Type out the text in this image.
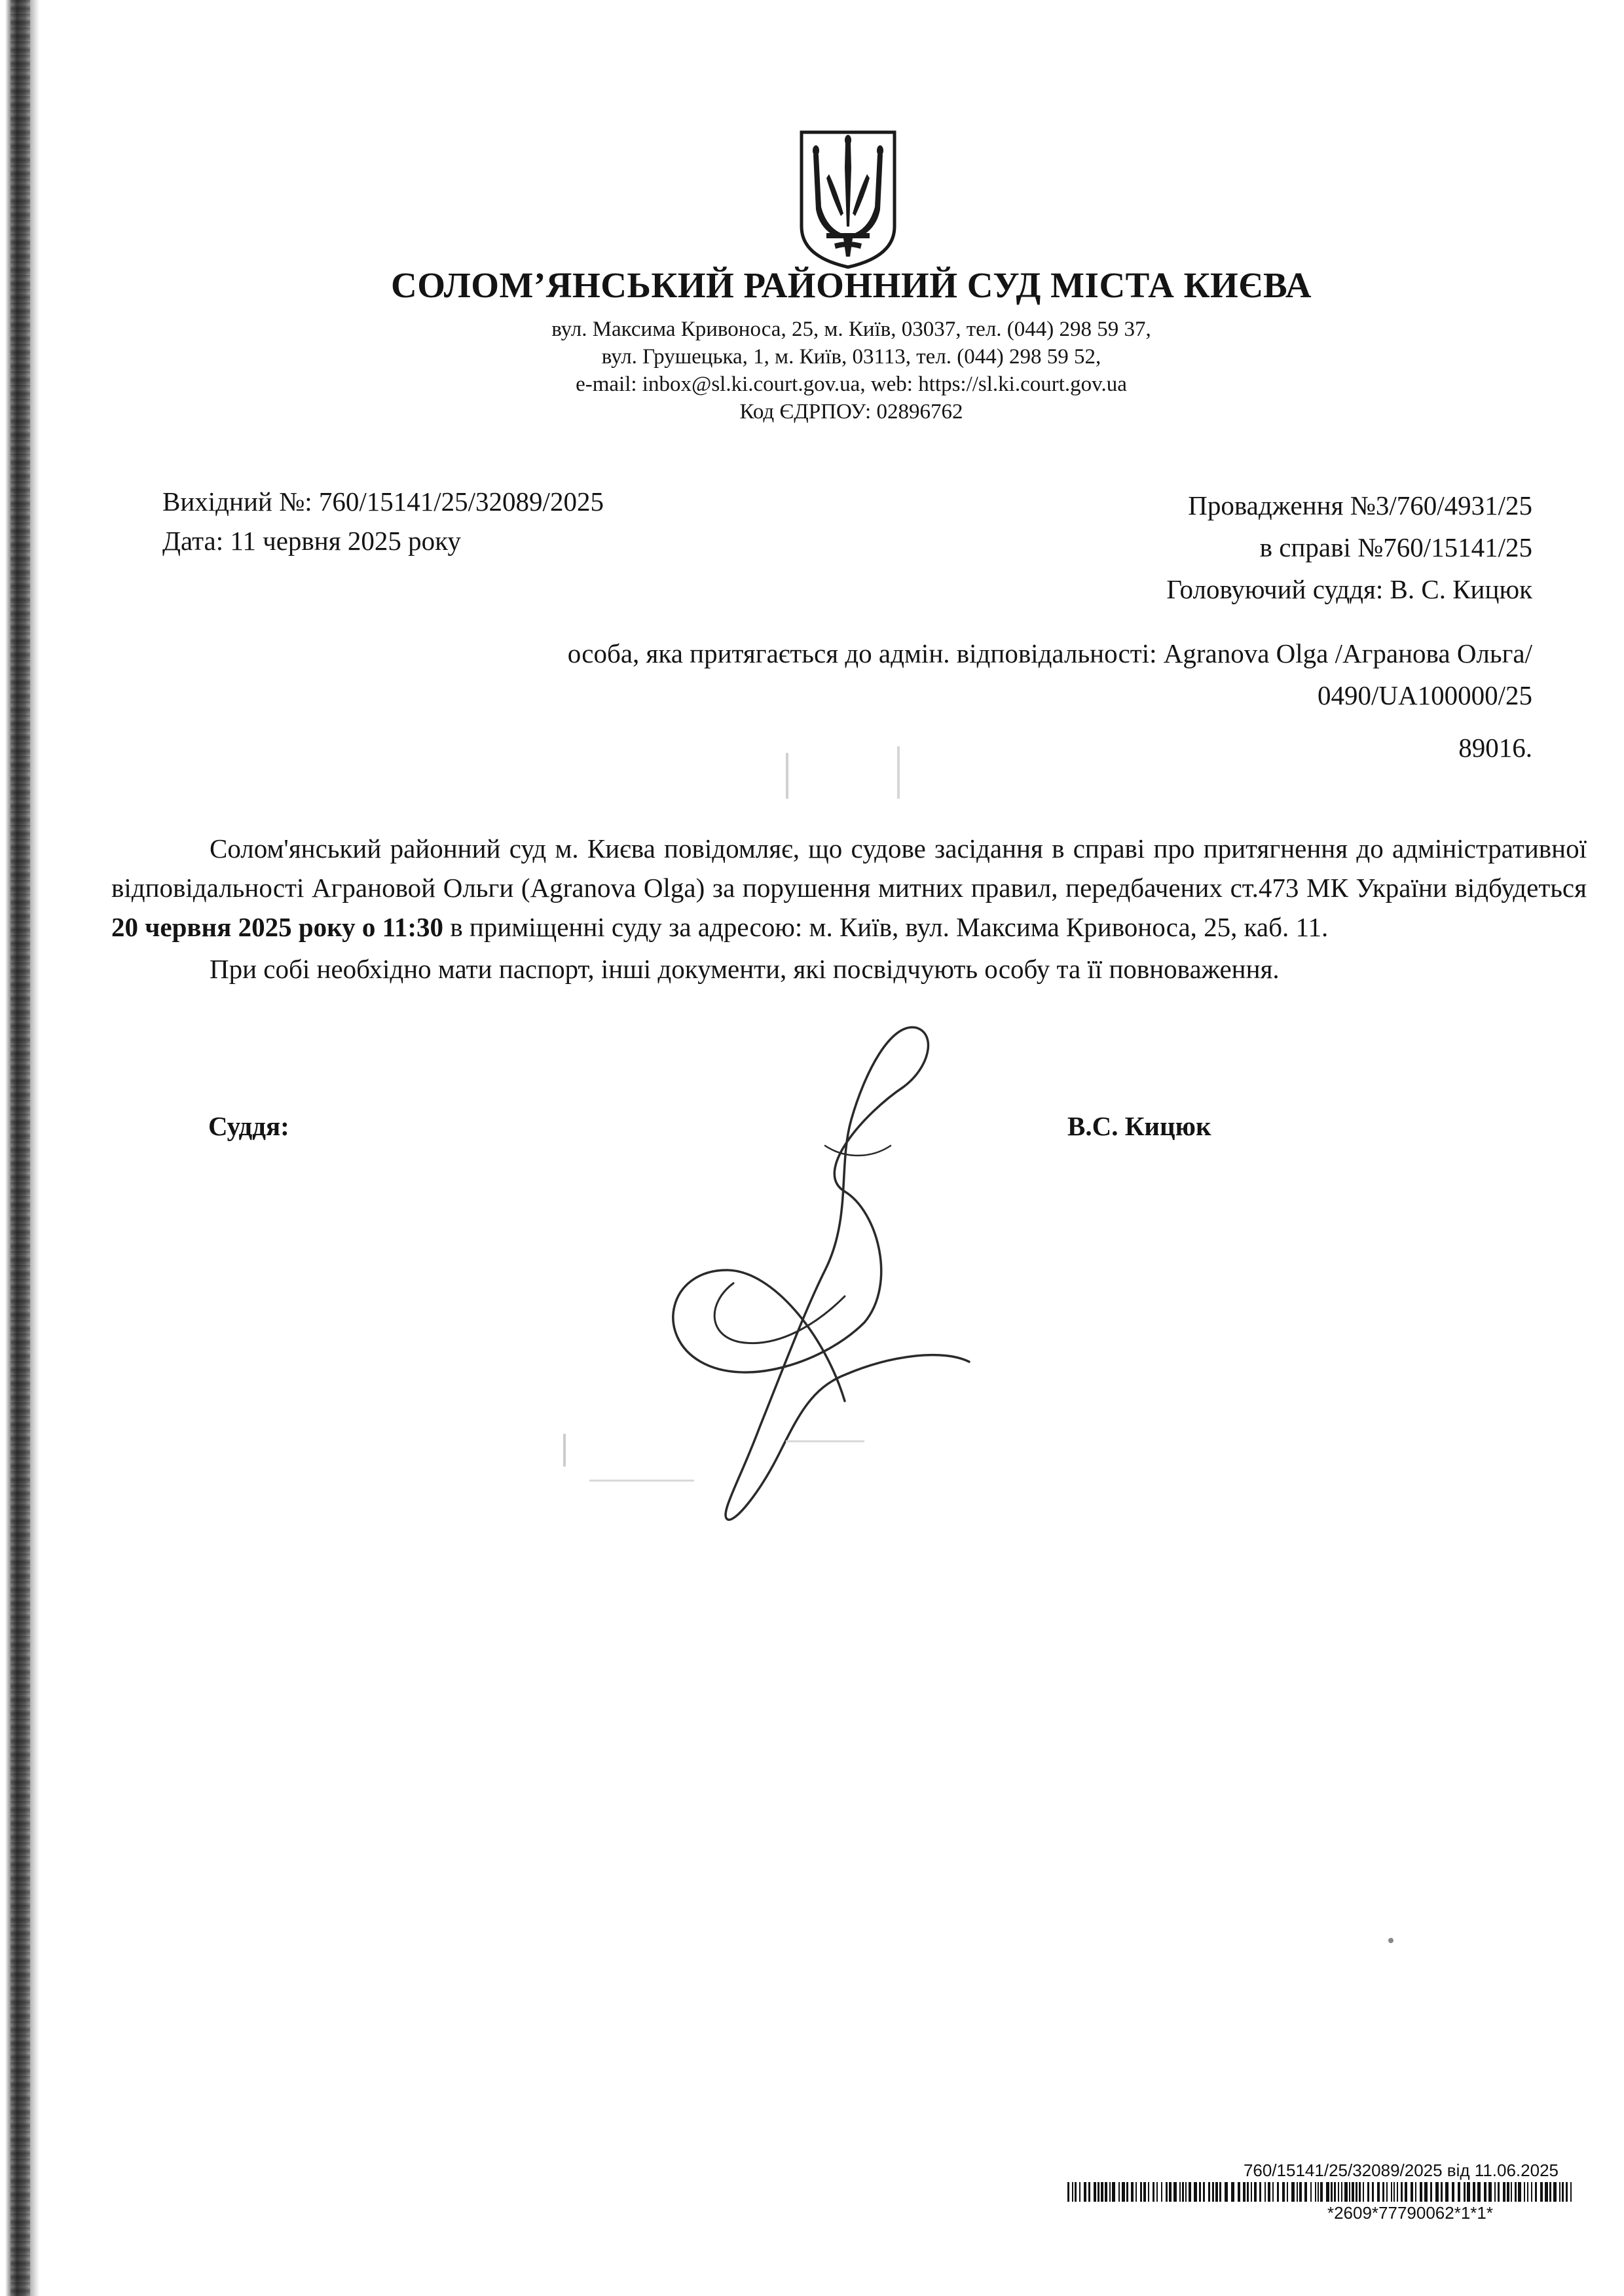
СОЛОМ’ЯНСЬКИЙ РАЙОННИЙ СУД МІСТА КИЄВА
вул. Максима Кривоноса, 25, м. Київ, 03037, тел. (044) 298 59 37,
вул. Грушецька, 1, м. Київ, 03113, тел. (044) 298 59 52,
e-mail: inbox@sl.ki.court.gov.ua, web: https://sl.ki.court.gov.ua
Код ЄДРПОУ: 02896762
Вихідний №: 760/15141/25/32089/2025
Дата: 11 червня 2025 року
Провадження №3/760/4931/25
в справі №760/15141/25
Головуючий суддя: В. С. Кицюк
особа, яка притягається до адмін. відповідальності: Agranova Olga /Агранова Ольга/
0490/UA100000/25
89016.

Солом'янський районний суд м. Києва повідомляє, що судове засідання в справі про притягнення до адміністративної відповідальності Аграновой Ольги (Agranova Olga) за порушення митних правил, передбачених ст.473 МК України відбудеться 20 червня 2025 року о 11:30 в приміщенні суду за адресою: м. Київ, вул. Максима Кривоноса, 25, каб. 11.

При собі необхідно мати паспорт, інші документи, які посвідчують особу та її повноваження.

Суддя:	В.С. Кицюк
760/15141/25/32089/2025 від 11.06.2025
*2609*77790062*1*1*
